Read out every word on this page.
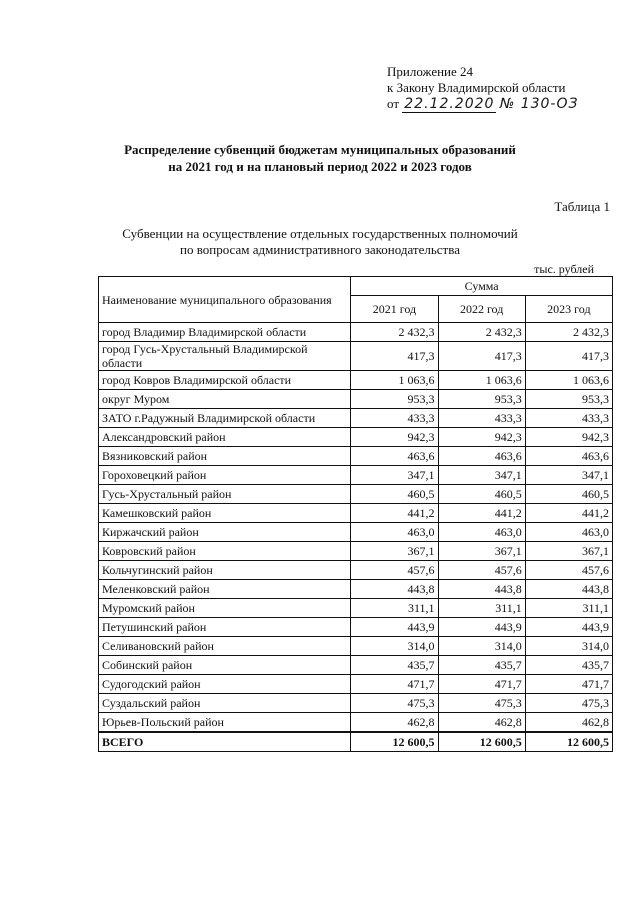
Приложение 24
к Закону Владимирской области
от 22.12.2020 № 130-ОЗ
Распределение субвенций бюджетам муниципальных образований
на 2021 год и на плановый период 2022 и 2023 годов
Таблица 1
Субвенции на осуществление отдельных государственных полномочий
по вопросам административного законодательства
тыс. рублей
Наименование муниципального образования	Сумма		
	2021 год	2022 год	2023 год
город Владимир Владимирской области	2 432,3	2 432,3	2 432,3
город Гусь-Хрустальный Владимирской области	417,3	417,3	417,3
город Ковров Владимирской области	1 063,6	1 063,6	1 063,6
округ Муром	953,3	953,3	953,3
ЗАТО г.Радужный Владимирской области	433,3	433,3	433,3
Александровский район	942,3	942,3	942,3
Вязниковский район	463,6	463,6	463,6
Гороховецкий район	347,1	347,1	347,1
Гусь-Хрустальный район	460,5	460,5	460,5
Камешковский район	441,2	441,2	441,2
Киржачский район	463,0	463,0	463,0
Ковровский район	367,1	367,1	367,1
Кольчугинский район	457,6	457,6	457,6
Меленковский район	443,8	443,8	443,8
Муромский район	311,1	311,1	311,1
Петушинский район	443,9	443,9	443,9
Селивановский район	314,0	314,0	314,0
Собинский район	435,7	435,7	435,7
Судогодский район	471,7	471,7	471,7
Суздальский район	475,3	475,3	475,3
Юрьев-Польский район	462,8	462,8	462,8
ВСЕГО	12 600,5	12 600,5	12 600,5
